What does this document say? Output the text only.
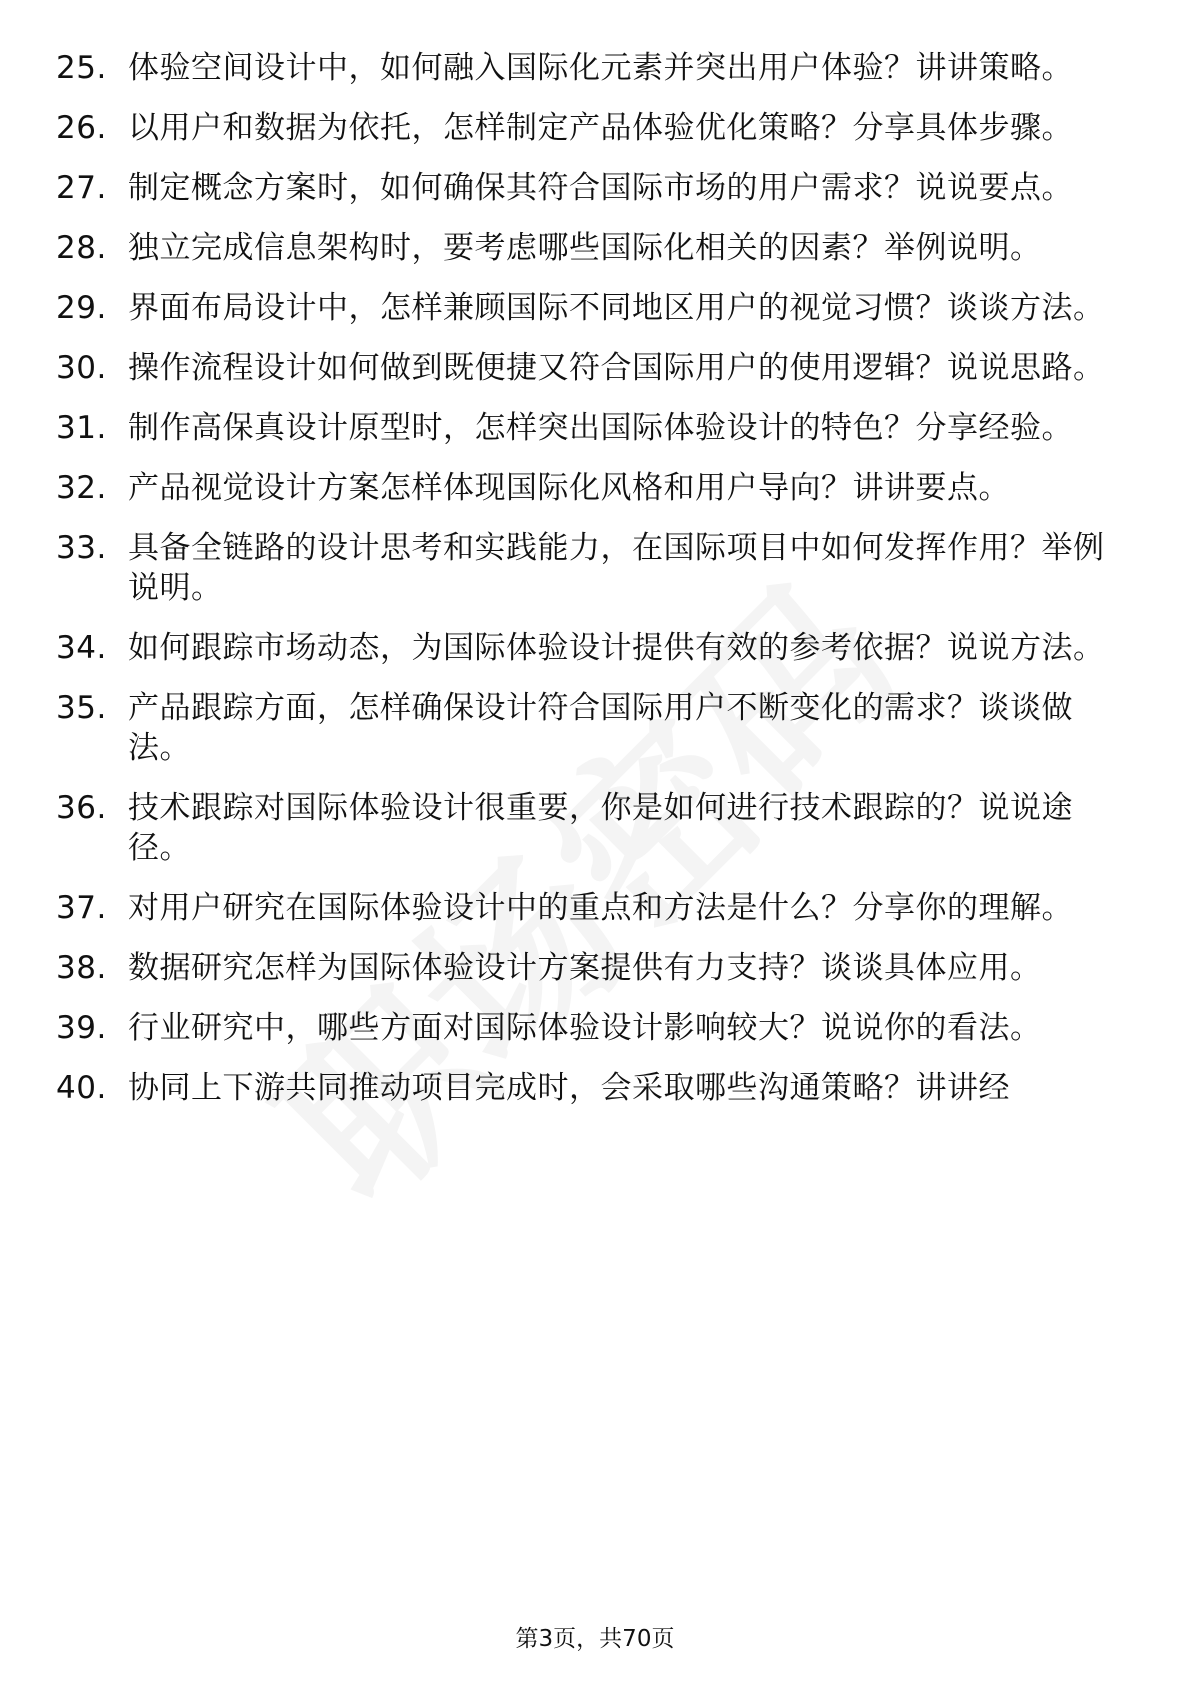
25. 体验空间设计中，如何融入国际化元素并突出用户体验？讲讲策略。
26. 以用户和数据为依托，怎样制定产品体验优化策略？分享具体步骤。
27. 制定概念方案时，如何确保其符合国际市场的用户需求？说说要点。
28. 独立完成信息架构时，要考虑哪些国际化相关的因素？举例说明。
29. 界面布局设计中，怎样兼顾国际不同地区用户的视觉习惯？谈谈方法。
30. 操作流程设计如何做到既便捷又符合国际用户的使用逻辑？说说思路。
31. 制作高保真设计原型时，怎样突出国际体验设计的特色？分享经验。
32. 产品视觉设计方案怎样体现国际化风格和用户导向？讲讲要点。
33. 具备全链路的设计思考和实践能力，在国际项目中如何发挥作用？举例说明。
34. 如何跟踪市场动态，为国际体验设计提供有效的参考依据？说说方法。
35. 产品跟踪方面，怎样确保设计符合国际用户不断变化的需求？谈谈做法。
36. 技术跟踪对国际体验设计很重要，你是如何进行技术跟踪的？说说途径。
37. 对用户研究在国际体验设计中的重点和方法是什么？分享你的理解。
38. 数据研究怎样为国际体验设计方案提供有力支持？谈谈具体应用。
39. 行业研究中，哪些方面对国际体验设计影响较大？说说你的看法。
40. 协同上下游共同推动项目完成时，会采取哪些沟通策略？讲讲经
第3页，共70页
